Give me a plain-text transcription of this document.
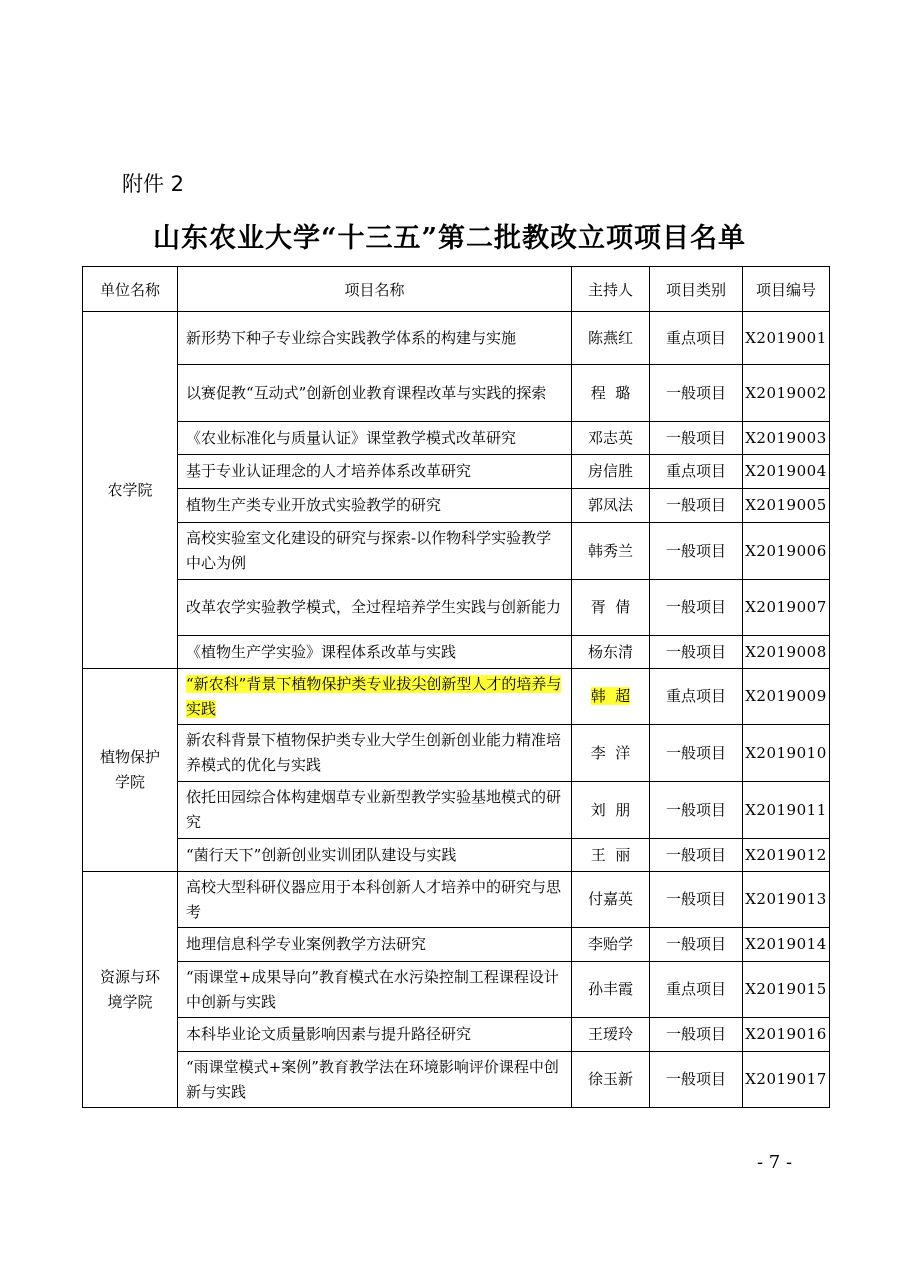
附件 2
山东农业大学“十三五”第二批教改立项项目名单
单位名称	项目名称	主持人	项目类别	项目编号
农学院	新形势下种子专业综合实践教学体系的构建与实施	陈燕红	重点项目	X2019001
	以赛促教“互动式”创新创业教育课程改革与实践的探索	程  璐	一般项目	X2019002
	《农业标准化与质量认证》课堂教学模式改革研究	邓志英	一般项目	X2019003
	基于专业认证理念的人才培养体系改革研究	房信胜	重点项目	X2019004
	植物生产类专业开放式实验教学的研究	郭凤法	一般项目	X2019005
	高校实验室文化建设的研究与探索-以作物科学实验教学中心为例	韩秀兰	一般项目	X2019006
	改革农学实验教学模式，全过程培养学生实践与创新能力	胥  倩	一般项目	X2019007
	《植物生产学实验》课程体系改革与实践	杨东清	一般项目	X2019008
植物保护学院	“新农科”背景下植物保护类专业拔尖创新型人才的培养与实践	韩  超	重点项目	X2019009
	新农科背景下植物保护类专业大学生创新创业能力精准培养模式的优化与实践	李  洋	一般项目	X2019010
	依托田园综合体构建烟草专业新型教学实验基地模式的研究	刘  朋	一般项目	X2019011
	“菌行天下”创新创业实训团队建设与实践	王  丽	一般项目	X2019012
资源与环境学院	高校大型科研仪器应用于本科创新人才培养中的研究与思考	付嘉英	一般项目	X2019013
	地理信息科学专业案例教学方法研究	李贻学	一般项目	X2019014
	“雨课堂+成果导向”教育模式在水污染控制工程课程设计中创新与实践	孙丰霞	重点项目	X2019015
	本科毕业论文质量影响因素与提升路径研究	王瑷玲	一般项目	X2019016
	“雨课堂模式+案例”教育教学法在环境影响评价课程中创新与实践	徐玉新	一般项目	X2019017
- 7 -
